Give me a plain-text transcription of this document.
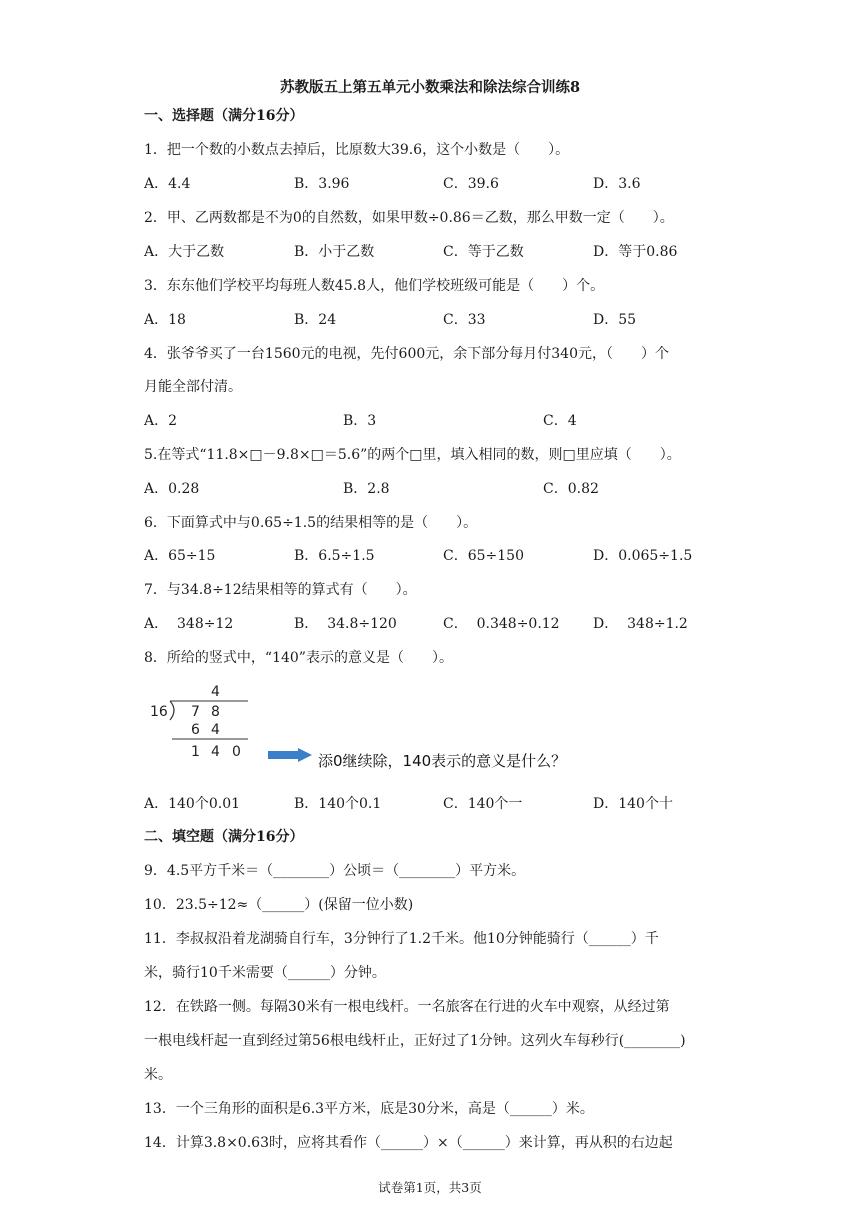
苏教版五上第五单元小数乘法和除法综合训练8
一、选择题（满分16分）
1．把一个数的小数点去掉后，比原数大39.6，这个小数是（　　）。
A．4.4	B．3.96	C．39.6	D．3.6
2．甲、乙两数都是不为0的自然数，如果甲数÷0.86＝乙数，那么甲数一定（　　）。
A．大于乙数	B．小于乙数	C．等于乙数	D．等于0.86
3．东东他们学校平均每班人数45.8人，他们学校班级可能是（　　）个。
A．18	B．24	C．33	D．55
4．张爷爷买了一台1560元的电视，先付600元，余下部分每月付340元，（　　）个
月能全部付清。
A．2	B．3	C．4
5.在等式“11.8×□－9.8×□＝5.6”的两个□里，填入相同的数，则□里应填（　　）。
A．0.28	B．2.8	C．0.82
6．下面算式中与0.65÷1.5的结果相等的是（　　）。
A．65÷15	B．6.5÷1.5	C．65÷150	D．0.065÷1.5
7．与34.8÷12结果相等的算式有（　　）。
A．  348÷12	B．  34.8÷120	C．  0.348÷0.12 D．  348÷1.2
8．所给的竖式中，“140”表示的意义是（　　）。
4
16 7 8
6 4
1 4 0	添0继续除，140表示的意义是什么？
A．140个0.01	B．140个0.1	C．140个一	D．140个十
二、填空题（满分16分）
9．4.5平方千米＝（________）公顷＝（________）平方米。
10．23.5÷12≈（______）(保留一位小数)
11．李叔叔沿着龙湖骑自行车，3分钟行了1.2千米。他10分钟能骑行（______）千
米，骑行10千米需要（______）分钟。
12．在铁路一侧。每隔30米有一根电线杆。一名旅客在行进的火车中观察，从经过第
一根电线杆起一直到经过第56根电线杆止，正好过了1分钟。这列火车每秒行(________)
米。
13．一个三角形的面积是6.3平方米，底是30分米，高是（______）米。
14．计算3.8×0.63时，应将其看作（______）×（______）来计算，再从积的右边起
试卷第1页，共3页
